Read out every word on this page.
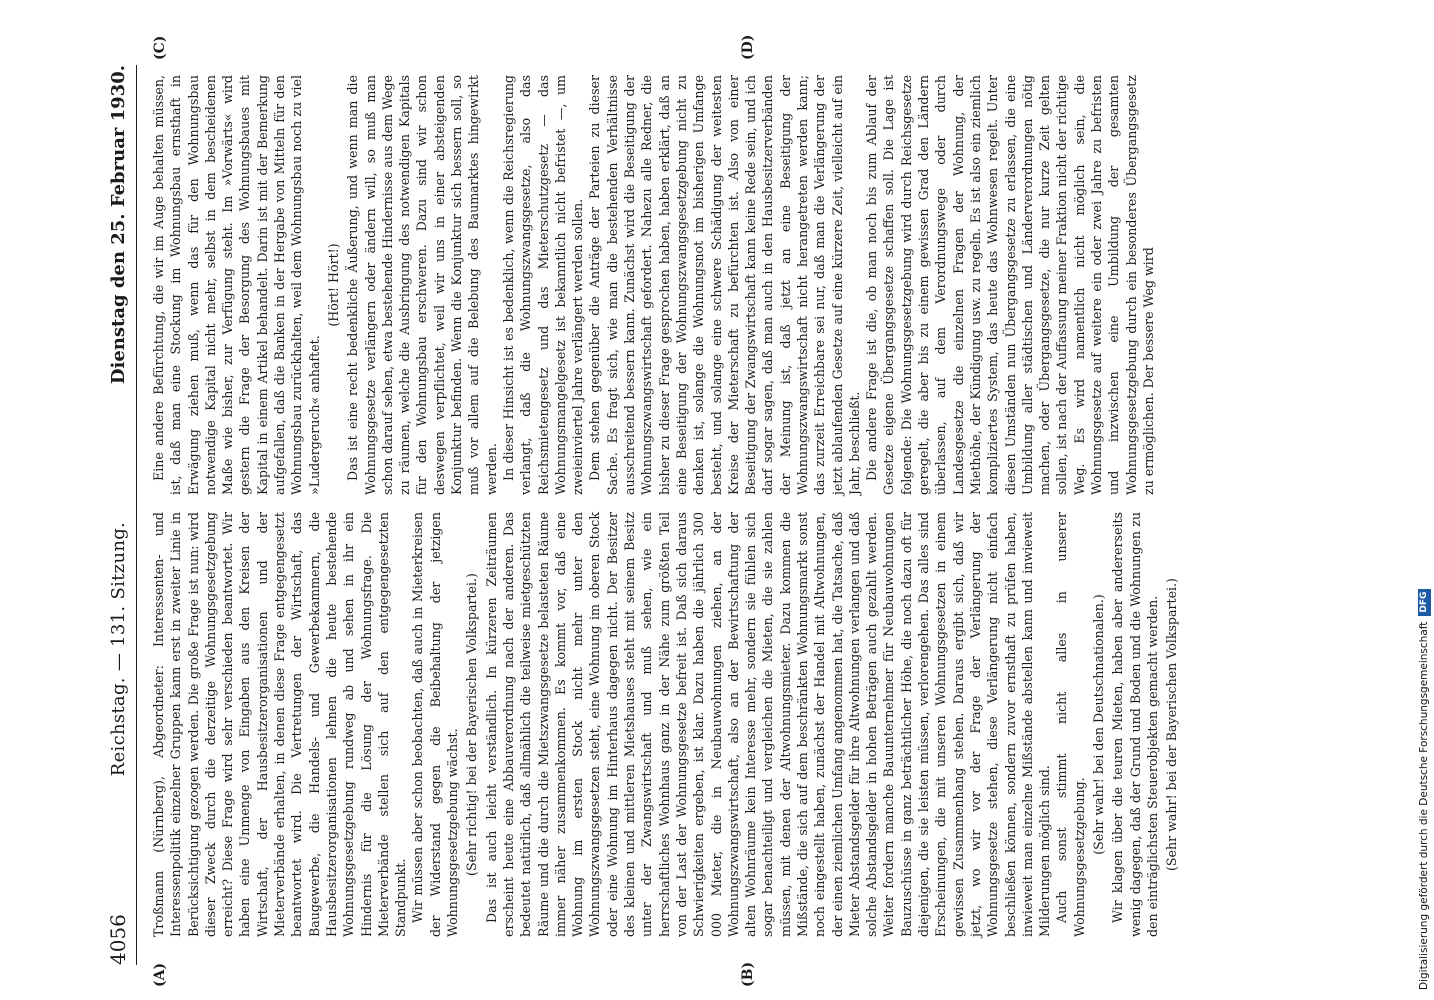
4056
Reichstag. — 131. Sitzung.
Dienstag den 25. Februar 1930.
(A)	(B)
(C)	(D)

Troßmann (Nürnberg), Abgeordneter: Interessenten- und Interessenpolitik einzelner Gruppen kann erst in zweiter Linie in Berücksichtigung gezogen werden. Die große Frage ist nun: wird dieser Zweck durch die derzeitige Wohnungsgesetzgebung erreicht? Diese Frage wird sehr verschieden beantwortet. Wir haben eine Unmenge von Eingaben aus den Kreisen der Wirtschaft, der Hausbesitzerorganisationen und der Mieterverbände erhalten, in denen diese Frage entgegengesetzt beantwortet wird. Die Vertretungen der Wirtschaft, das Baugewerbe, die Handels- und Gewerbekammern, die Hausbesitzerorganisationen lehnen die heute bestehende Wohnungsgesetzgebung rundweg ab und sehen in ihr ein Hindernis für die Lösung der Wohnungsfrage. Die Mieterverbände stellen sich auf den entgegengesetzten Standpunkt. Wir müssen aber schon beobachten, daß auch in Mieterkreisen der Widerstand gegen die Beibehaltung der jetzigen Wohnungsgesetzgebung wächst. (Sehr richtig! bei der Bayerischen Volkspartei.) Das ist auch leicht verständlich. In kürzeren Zeiträumen erscheint heute eine Abbauverordnung nach der anderen. Das bedeutet natürlich, daß allmählich die teilweise mietgeschützten Räume und die durch die Mietszwangsgesetze belasteten Räume immer näher zusammenkommen. Es kommt vor, daß eine Wohnung im ersten Stock nicht mehr unter den Wohnungszwangsgesetzen steht, eine Wohnung im oberen Stock oder eine Wohnung im Hinterhaus dagegen nicht. Der Besitzer des kleinen und mittleren Mietshauses steht mit seinem Besitz unter der Zwangswirtschaft und muß sehen, wie ein herrschaftliches Wohnhaus ganz in der Nähe zum größten Teil von der Last der Wohnungsgesetze befreit ist. Daß sich daraus Schwierigkeiten ergeben, ist klar. Dazu haben die jährlich 300 000 Mieter, die in Neubauwohnungen ziehen, an der Wohnungszwangswirtschaft, also an der Bewirtschaftung der alten Wohnräume kein Interesse mehr, sondern sie fühlen sich sogar benachteiligt und vergleichen die Mieten, die sie zahlen müssen, mit denen der Altwohnungsmieter. Dazu kommen die Mißstände, die sich auf dem beschränkten Wohnungsmarkt sonst noch eingestellt haben, zunächst der Handel mit Altwohnungen, der einen ziemlichen Umfang angenommen hat, die Tatsache, daß Mieter Abstandsgelder für ihre Altwohnungen verlangen und daß solche Abstandsgelder in hohen Beträgen auch gezahlt werden. Weiter fordern manche Bauunternehmer für Neubauwohnungen Bauzuschüsse in ganz beträchtlicher Höhe, die noch dazu oft für diejenigen, die sie leisten müssen, verlorengehen. Das alles sind Erscheinungen, die mit unseren Wohnungsgesetzen in einem gewissen Zusammenhang stehen. Daraus ergibt sich, daß wir jetzt, wo wir vor der Frage der Verlängerung der Wohnungsgesetze stehen, diese Verlängerung nicht einfach beschließen können, sondern zuvor ernsthaft zu prüfen haben, inwieweit man einzelne Mißstände abstellen kann und inwieweit Milderungen möglich sind. Auch sonst stimmt nicht alles in unserer Wohnungsgesetzgebung.

(Sehr wahr! bei den Deutschnationalen.) Wir klagen über die teuren Mieten, haben aber andererseits wenig dagegen, daß der Grund und Boden und die Wohnungen zu den einträglichsten Steuerobjekten gemacht werden. (Sehr wahr! bei der Bayerischen Volkspartei.)

Eine andere Befürchtung, die wir im Auge behalten müssen, ist, daß man eine Stockung im Wohnungsbau ernsthaft in Erwägung ziehen muß, wenn das für den Wohnungsbau notwendige Kapital nicht mehr, selbst in dem bescheidenen Maße wie bisher, zur Verfügung steht. Im »Vorwärts« wird gestern die Frage der Besorgung des Wohnungsbaues mit Kapital in einem Artikel behandelt. Darin ist mit der Bemerkung aufgefallen, daß die Banken in der Hergabe von Mitteln für den Wohnungsbau zurückhalten, weil dem Wohnungsbau noch zu viel »Ludergeruch« anhaftet.

(Hört! Hört!) Das ist eine recht bedenkliche Äußerung, und wenn man die Wohnungsgesetze verlängern oder ändern will, so muß man schon darauf sehen, etwa bestehende Hindernisse aus dem Wege zu räumen, welche die Ausbringung des notwendigen Kapitals für den Wohnungsbau erschweren. Dazu sind wir schon deswegen verpflichtet, weil wir uns in einer absteigenden Konjunktur befinden. Wenn die Konjunktur sich bessern soll, so muß vor allem auf die Belebung des Baumarktes hingewirkt werden. In dieser Hinsicht ist es bedenklich, wenn die Reichsregierung verlangt, daß die Wohnungszwangsgesetze, also das Reichsmietengesetz und das Mieterschutzgesetz — das Wohnungsmangelgesetz ist bekanntlich nicht befristet —, um zweieinviertel Jahre verlängert werden sollen. Dem stehen gegenüber die Anträge der Parteien zu dieser Sache. Es fragt sich, wie man die bestehenden Verhältnisse ausschreitend bessern kann. Zunächst wird die Beseitigung der Wohnungszwangswirtschaft gefordert. Nahezu alle Redner, die bisher zu dieser Frage gesprochen haben, haben erklärt, daß an eine Beseitigung der Wohnungszwangsgesetzgebung nicht zu denken ist, solange die Wohnungsnot im bisherigen Umfange besteht, und solange eine schwere Schädigung der weitesten Kreise der Mieterschaft zu befürchten ist. Also von einer Beseitigung der Zwangswirtschaft kann keine Rede sein, und ich darf sogar sagen, daß man auch in den Hausbesitzerverbänden der Meinung ist, daß jetzt an eine Beseitigung der Wohnungszwangswirtschaft nicht herangetreten werden kann; das zurzeit Erreichbare sei nur, daß man die Verlängerung der jetzt ablaufenden Gesetze auf eine kürzere Zeit, vielleicht auf ein Jahr, beschließt. Die andere Frage ist die, ob man noch bis zum Ablauf der Gesetze eigene Übergangsgesetze schaffen soll. Die Lage ist folgende: Die Wohnungsgesetzgebung wird durch Reichsgesetze geregelt, die aber bis zu einem gewissen Grad den Ländern überlassen, auf dem Verordnungswege oder durch Landesgesetze die einzelnen Fragen der Wohnung, der Miethöhe, der Kündigung usw. zu regeln. Es ist also ein ziemlich kompliziertes System, das heute das Wohnwesen regelt. Unter diesen Umständen nun Übergangsgesetze zu erlassen, die eine Umbildung aller städtischen und Länderverordnungen nötig machen, oder Übergangsgesetze, die nur kurze Zeit gelten sollen, ist nach der Auffassung meiner Fraktion nicht der richtige Weg. Es wird namentlich nicht möglich sein, die Wohnungsgesetze auf weitere ein oder zwei Jahre zu befristen und inzwischen eine Umbildung der gesamten Wohnungsgesetzgebung durch ein besonderes Übergangsgesetz zu ermöglichen. Der bessere Weg wird

Digitalisierung gefördert durch die Deutsche Forschungsgemeinschaft
DFG
